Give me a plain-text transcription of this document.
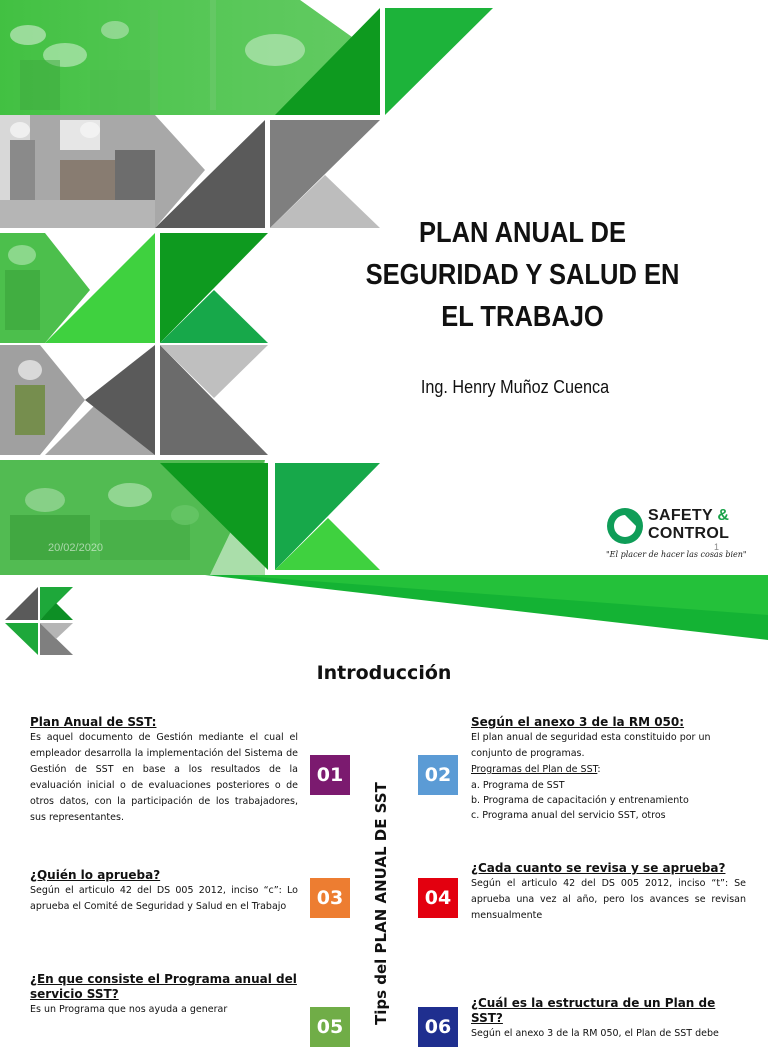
PLAN ANUAL DE
SEGURIDAD Y SALUD EN
EL TRABAJO
Ing. Henry Muñoz Cuenca
20/02/2020	1
SAFETY &
CONTROL
"El placer de hacer las cosas bien"
Introducción
Plan Anual de SST:
Es aquel documento de Gestión mediante el cual el empleador desarrolla la implementación del Sistema de Gestión de SST en base a los resultados de la evaluación inicial o de evaluaciones posteriores o de otros datos, con la participación de los trabajadores, sus representantes.
01	02
Según el anexo 3 de la RM 050:
El plan anual de seguridad esta constituido por un conjunto de programas.
Programas del Plan de SST:
a. Programa de SST
b. Programa de capacitación y entrenamiento
c. Programa anual del servicio SST, otros
Tips del PLAN ANUAL DE SST
¿Quién lo aprueba?
Según el articulo 42 del DS 005 2012, inciso “c”: Lo aprueba el Comité de Seguridad y Salud en el Trabajo	03	04
¿Cada cuanto se revisa y se aprueba?
Según el articulo 42 del DS 005 2012, inciso “t”: Se aprueba una vez al año, pero los avances se revisan mensualmente
¿En que consiste el Programa anual del servicio SST?
Es un Programa que nos ayuda a generar
05	06
¿Cuál es la estructura de un Plan de SST?
Según el anexo 3 de la RM 050, el Plan de SST debe
